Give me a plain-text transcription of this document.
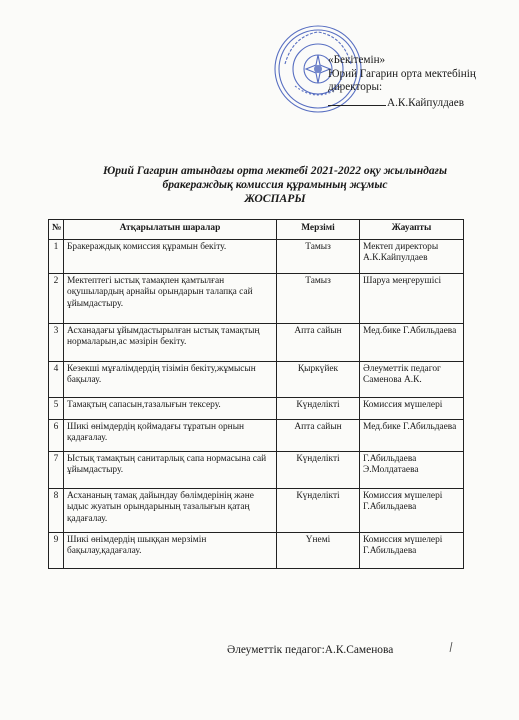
«Бекітемін»
Юрий Гагарин орта мектебінің
директоры:
А.К.Кайпулдаев
Юрий Гагарин атындағы орта мектебі 2021-2022 оқу жылындағы
бракераждық комиссия құрамының жұмыс
ЖОСПАРЫ
№	Атқарылатын шаралар	Мерзімі	Жауапты
1	Бракераждық комиссия құрамын бекіту.	Тамыз	Мектеп директоры А.К.Кайпулдаев
2	Мектептегі ыстық тамақпен қамтылған оқушылардың арнайы орындарын талапқа сай ұйымдастыру.	Тамыз	Шаруа меңгерушісі
3	Асханадағы ұйымдастырылған ыстық тамақтың нормаларын,ас мәзірін бекіту.	Апта сайын	Мед.бике Г.Абильдаева
4	Кезекші мұғалімдердің тізімін бекіту,жұмысын бақылау.	Қыркүйек	Әлеуметтік педагог Саменова А.К.
5	Тамақтың сапасын,тазалығын тексеру.	Күнделікті	Комиссия мүшелері
6	Шикі өнімдердің қоймадағы тұратын орнын қадағалау.	Апта сайын	Мед.бике Г.Абильдаева
7	Ыстық тамақтың санитарлық сапа нормасына сай ұйымдастыру.	Күнделікті	Г.Абильдаева Э.Молдатаева
8	Асхананың тамақ дайындау бөлімдерінің және ыдыс жуатын орындарының тазалығын қатаң қадағалау.	Күнделікті	Комиссия мүшелері Г.Абильдаева
9	Шикі өнімдердің шыққан мерзімін бақылау,қадағалау.	Үнемі	Комиссия мүшелері Г.Абильдаева
Әлеуметтік педагог:А.К.Саменова
